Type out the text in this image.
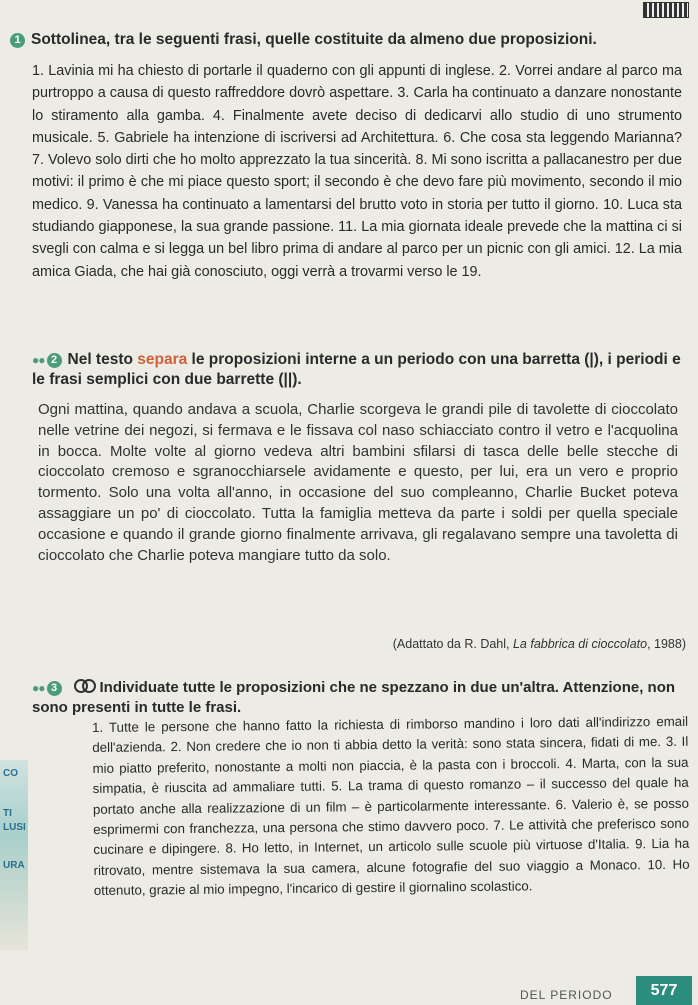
1 Sottolinea, tra le seguenti frasi, quelle costituite da almeno due proposizioni.
1. Lavinia mi ha chiesto di portarle il quaderno con gli appunti di inglese. 2. Vorrei andare al parco ma purtroppo a causa di questo raffreddore dovrò aspettare. 3. Carla ha continuato a danzare nonostante lo stiramento alla gamba. 4. Finalmente avete deciso di dedicarvi allo studio di uno strumento musicale. 5. Gabriele ha intenzione di iscriversi ad Architettura. 6. Che cosa sta leggendo Marianna? 7. Volevo solo dirti che ho molto apprezzato la tua sincerità. 8. Mi sono iscritta a pallacanestro per due motivi: il primo è che mi piace questo sport; il secondo è che devo fare più movimento, secondo il mio medico. 9. Vanessa ha continuato a lamentarsi del brutto voto in storia per tutto il giorno. 10. Luca sta studiando giapponese, la sua grande passione. 11. La mia giornata ideale prevede che la mattina ci si svegli con calma e si legga un bel libro prima di andare al parco per un picnic con gli amici. 12. La mia amica Giada, che hai già conosciuto, oggi verrà a trovarmi verso le 19.
●● 2 Nel testo separa le proposizioni interne a un periodo con una barretta (|), i periodi e le frasi semplici con due barrette (||).
Ogni mattina, quando andava a scuola, Charlie scorgeva le grandi pile di tavolette di cioccolato nelle vetrine dei negozi, si fermava e le fissava col naso schiacciato contro il vetro e l'acquolina in bocca. Molte volte al giorno vedeva altri bambini sfilarsi di tasca delle belle stecche di cioccolato cremoso e sgranocchiarsele avidamente e questo, per lui, era un vero e proprio tormento. Solo una volta all'anno, in occasione del suo compleanno, Charlie Bucket poteva assaggiare un po' di cioccolato. Tutta la famiglia metteva da parte i soldi per quella speciale occasione e quando il grande giorno finalmente arrivava, gli regalavano sempre una tavoletta di cioccolato che Charlie poteva mangiare tutto da solo.
(Adattato da R. Dahl, La fabbrica di cioccolato, 1988)
●● 3	Individuate tutte le proposizioni che ne spezzano in due un'altra. Attenzione, non sono presenti in tutte le frasi.
1. Tutte le persone che hanno fatto la richiesta di rimborso mandino i loro dati all'indirizzo email dell'azienda. 2. Non credere che io non ti abbia detto la verità: sono stata sincera, fidati di me. 3. Il mio piatto preferito, nonostante a molti non piaccia, è la pasta con i broccoli. 4. Marta, con la sua simpatia, è riuscita ad ammaliare tutti. 5. La trama di questo romanzo – il successo del quale ha portato anche alla realizzazione di un film – è particolarmente interessante. 6. Valerio è, se posso esprimermi con franchezza, una persona che stimo davvero poco. 7. Le attività che preferisco sono cucinare e dipingere. 8. Ho letto, in Internet, un articolo sulle scuole più virtuose d'Italia. 9. Lia ha ritrovato, mentre sistemava la sua camera, alcune fotografie del suo viaggio a Monaco. 10. Ho ottenuto, grazie al mio impegno, l'incarico di gestire il giornalino scolastico.
CO
TI
LUSI
URA
DEL PERIODO	577
